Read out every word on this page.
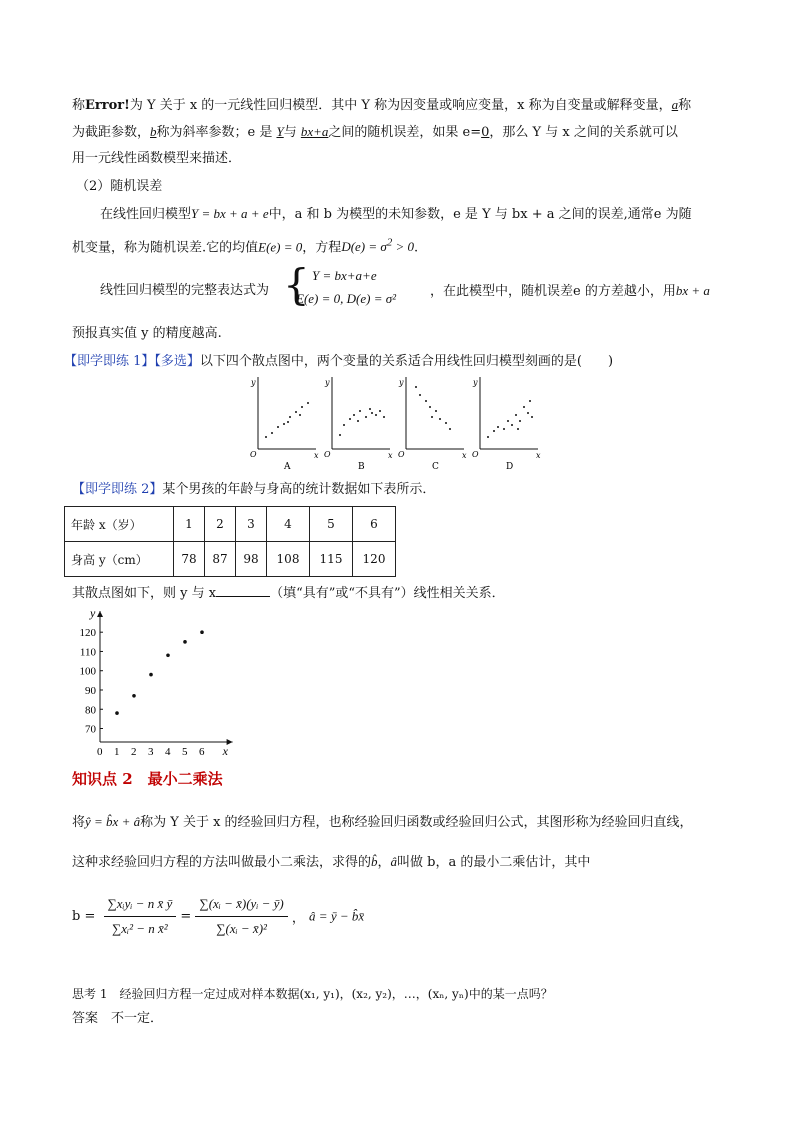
称Error!为 Y 关于 x 的一元线性回归模型．其中 Y 称为因变量或响应变量，x 称为自变量或解释变量，a称
为截距参数，b称为斜率参数；e 是 Y与 bx+a之间的随机误差，如果 e=0，那么 Y 与 x 之间的关系就可以
用一元线性函数模型来描述．
（2）随机误差
在线性回归模型Y = bx + a + e中，a 和 b 为模型的未知参数，e 是 Y 与 bx + a 之间的误差,通常e 为随
机变量，称为随机误差.它的均值E(e) = 0，方程$D(e) = \sigma^2 > 0$.
线性回归模型的完整表达式为 { Y = bx+a+e
E(e) = 0, D(e) = σ²	，在此模型中，随机误差e 的方差越小，用bx + a
预报真实值 y 的精度越高.
【即学即练 1】【多选】以下四个散点图中，两个变量的关系适合用线性回归模型刻画的是(　　)
y
x
O
A
y
x
O
B
y
x
O
C
y
x
O
D
【即学即练 2】某个男孩的年龄与身高的统计数据如下表所示．
年龄 x（岁）	1	2	3	4	5	6
身高 y（cm）	78	87	98	108	115	120
其散点图如下，则 y 与 x	（填“具有”或“不具有”）线性相关关系．
x
y
0 1 2 3 4 5 6
70
80
90
100
110
120
知识点 2　最小二乘法
将ŷ = b̂x + â称为 Y 关于 x 的经验回归方程，也称经验回归函数或经验回归公式，其图形称为经验回归直线，
这种求经验回归方程的方法叫做最小二乘法，求得的b̂，â叫做 b，a 的最小二乘估计，其中
$b = \frac{\text{∑xᵢyᵢ − n x̄ ȳ}}{\text{∑xᵢ² − n x̄²}} = \frac{\text{∑(xᵢ − x̄)(yᵢ − ȳ)}}{\text{∑(xᵢ − x̄)²}}$ ， â = ȳ − b̂x̄
思考 1　 经验回归方程一定过成对样本数据(x₁, y₁)，(x₂, y₂)，…，(xₙ, yₙ)中的某一点吗？
答案　 不一定．
